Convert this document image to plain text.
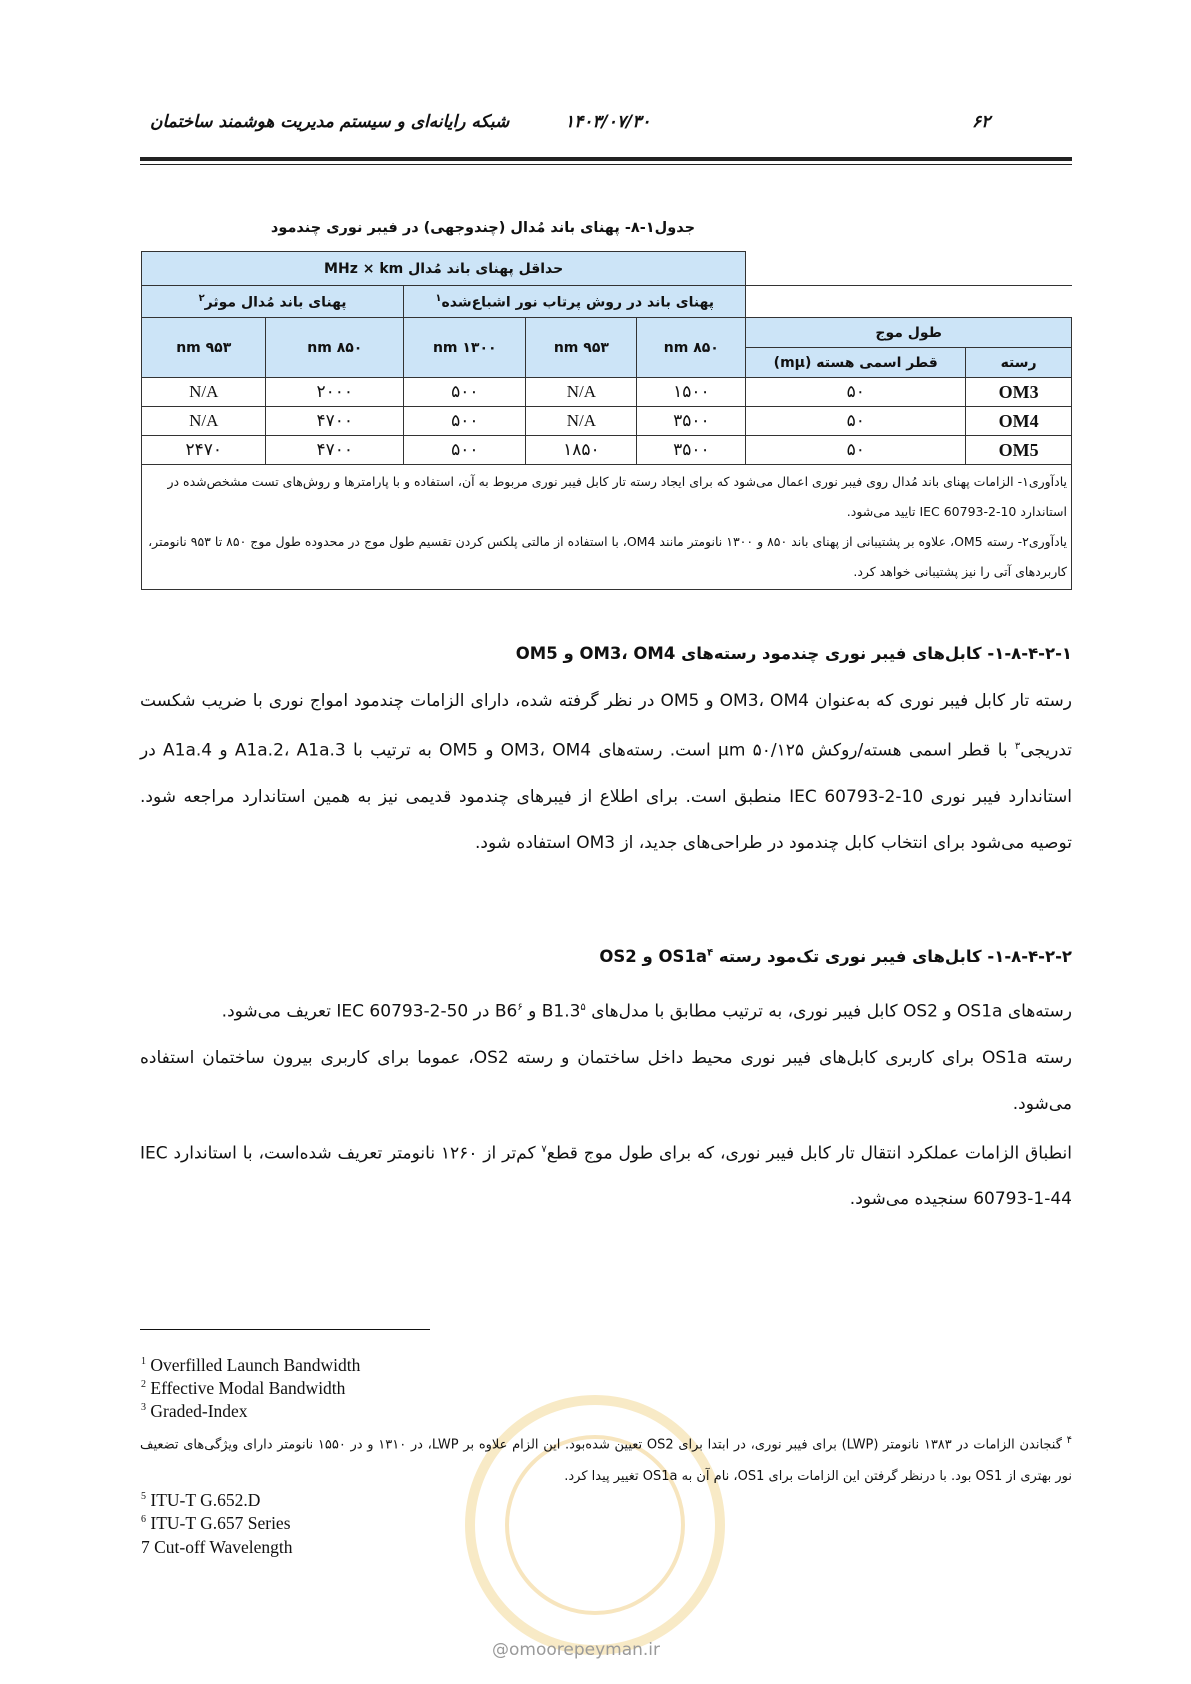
۶۲
۱۴۰۳/۰۷/۳۰
شبکه رایانه‌ای و سیستم‌ مدیریت هوشمند ساختمان
جدول۱-۸- پهنای باند مُدال (چندوجهی) در فیبر نوری چندمود
		حداقل پهنای باند مُدال MHz × km				
		پهنای باند در روش پرتاب نور اشباع‌شده$^۱$			پهنای باند مُدال موثر$^۲$
طول موج		۸۵۰ nm	۹۵۳ nm	۱۳۰۰ nm	۸۵۰ nm	۹۵۳ nm
رسته	قطر اسمی هسته (mµ)					
OM3	۵۰	۱۵۰۰	N/A	۵۰۰	۲۰۰۰	N/A
OM4	۵۰	۳۵۰۰	N/A	۵۰۰	۴۷۰۰	N/A
OM5	۵۰	۳۵۰۰	۱۸۵۰	۵۰۰	۴۷۰۰	۲۴۷۰

یادآوری۱- الزامات پهنای باند مُدال روی فیبر نوری اعمال می‌شود که برای ایجاد رسته تار کابل فیبر نوری مربوط به آن، استفاده و با پارامترها و روش‌های تست مشخص‌شده در استاندارد IEC 60793-2-10 تایید می‌شود.
یادآوری۲- رسته OM5، علاوه بر پشتیبانی از پهنای باند ۸۵۰ و ۱۳۰۰ نانومتر مانند OM4، با استفاده از مالتی پلکس کردن تقسیم طول موج در محدوده طول موج ۸۵۰ تا ۹۵۳ نانومتر، کاربردهای آتی را نیز پشتیبانی خواهد کرد.						
۱-۸-۴-۲-۱- کابل‌های فیبر نوری چندمود رسته‌های OM3، OM4 و OM5
رسته تار کابل فیبر نوری که به‌عنوان OM3، OM4 و OM5 در نظر گرفته شده، دارای الزامات چندمود امواج نوری با ضریب شکست تدریجی$^۳$ با قطر اسمی هسته/روکش ۵۰/۱۲۵ µm است. رسته‌های OM3، OM4 و OM5 به ترتیب با A1a.2، A1a.3 و A1a.4 در استاندارد فیبر نوری IEC 60793-2-10 منطبق است. برای اطلاع از فیبرهای چندمود قدیمی نیز به همین استاندارد مراجعه شود. توصیه می‌شود برای انتخاب کابل چندمود در طراحی‌های جدید، از OM3 استفاده شود.
۱-۸-۴-۲-۲- کابل‌های فیبر نوری تک‌مود رسته $OS1a^۴$ و OS2
رسته‌های OS1a و OS2 کابل فیبر نوری، به ترتیب مطابق با مدل‌های $B1.3^۵$ و $B6^۶$ در IEC 60793-2-50 تعریف می‌شود.
رسته OS1a برای کاربری کابل‌های فیبر نوری محیط داخل ساختمان و رسته OS2، عموما برای کاربری بیرون ساختمان استفاده می‌شود.
انطباق الزامات عملکرد انتقال تار کابل فیبر نوری، که برای طول موج قطع$^۷$ کم‌تر از ۱۲۶۰ نانومتر تعریف شده‌است، با استاندارد IEC 60793-1-44 سنجیده می‌شود.
$^1$ Overfilled Launch Bandwidth
$^2$ Effective Modal Bandwidth
$^3$ Graded-Index
$^۴$ گنجاندن الزامات در ۱۳۸۳ نانومتر (LWP) برای فیبر نوری، در ابتدا برای OS2 تعیین شده‌بود. این الزام علاوه بر LWP، در ۱۳۱۰ و در ۱۵۵۰ نانومتر دارای ویژگی‌های تضعیف نور بهتری از OS1 بود. با درنظر گرفتن این الزامات برای OS1، نام آن به OS1a تغییر پیدا کرد.
$^5$ ITU-T G.652.D
$^6$ ITU-T G.657 Series
7 Cut-off Wavelength
@omoorepeyman.ir
